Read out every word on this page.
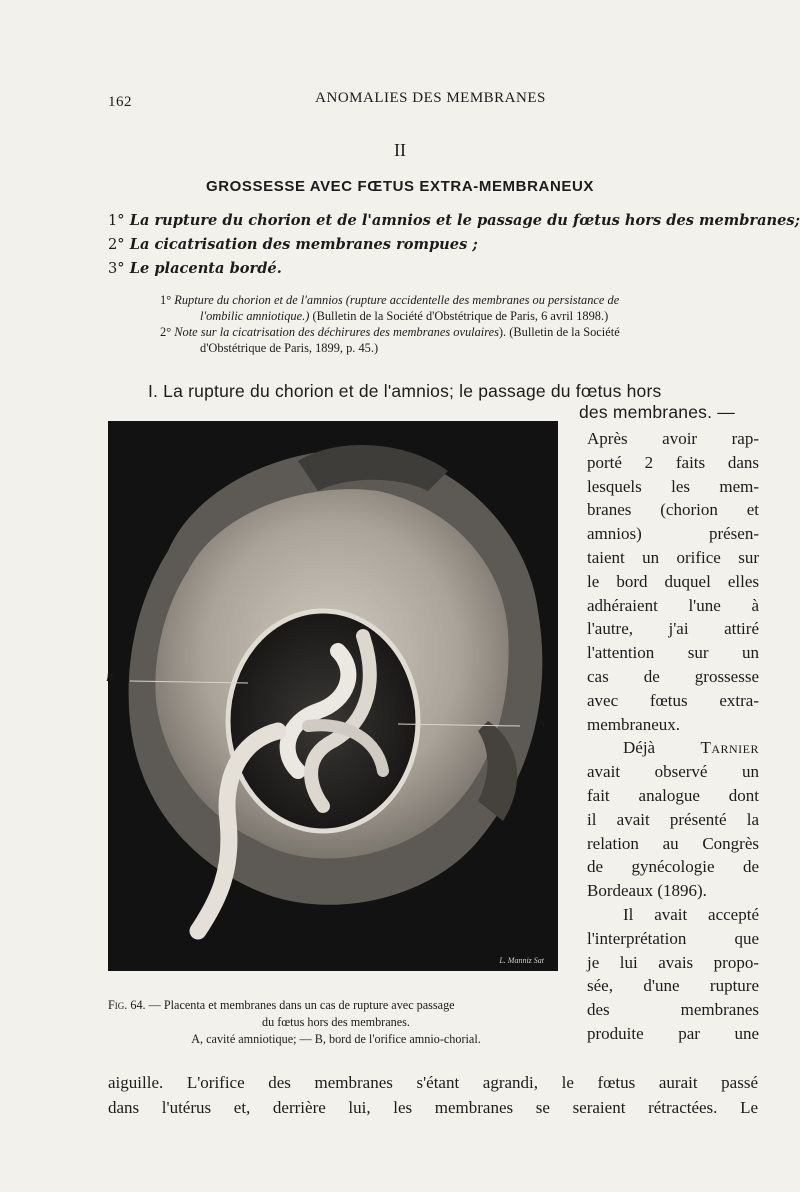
162	ANOMALIES DES MEMBRANES
II
GROSSESSE AVEC FŒTUS EXTRA-MEMBRANEUX
1° La rupture du chorion et de l'amnios et le passage du fœtus hors des membranes;
2° La cicatrisation des membranes rompues ;
3° Le placenta bordé.
1° Rupture du chorion et de l'amnios (rupture accidentelle des membranes ou persistance de
l'ombilic amniotique.) (Bulletin de la Société d'Obstétrique de Paris, 6 avril 1898.)
2° Note sur la cicatrisation des déchirures des membranes ovulaires). (Bulletin de la Société
d'Obstétrique de Paris, 1899, p. 45.)
I. La rupture du chorion et de l'amnios; le passage du fœtus hors
des membranes. —
B
A
L. Manniz Sat
Fig. 64. — Placenta et membranes dans un cas de rupture avec passage
du fœtus hors des membranes.
A, cavité amniotique; — B, bord de l'orifice amnio-chorial.
Après avoir rap-
porté 2 faits dans
lesquels les mem-
branes (chorion et
amnios) présen-
taient un orifice sur
le bord duquel elles
adhéraient l'une à
l'autre, j'ai attiré
l'attention sur un
cas de grossesse
avec fœtus extra-
membraneux.
Déjà	Tarnier
avait observé un
fait analogue dont
il avait présenté la
relation au Congrès
de gynécologie de
Bordeaux (1896).
Il avait accepté
l'interprétation que
je lui avais propo-
sée, d'une rupture
des membranes
produite par une
aiguille. L'orifice des membranes s'étant agrandi, le fœtus aurait passé
dans l'utérus et, derrière lui, les membranes se seraient rétractées. Le
